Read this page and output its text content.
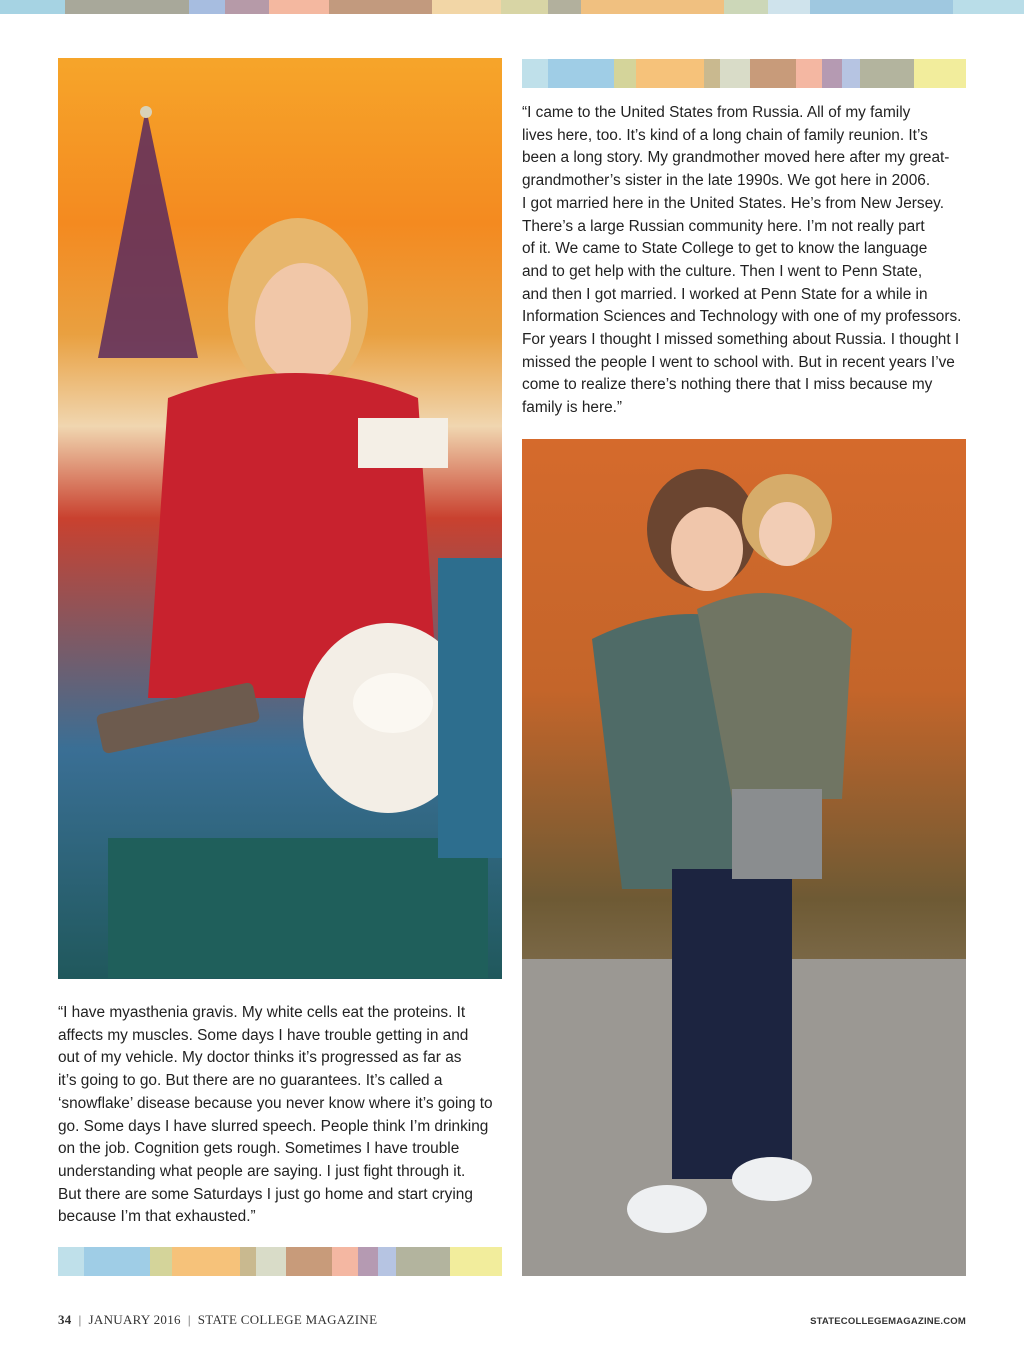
“I came to the United States from Russia. All of my family
lives here, too. It’s kind of a long chain of family reunion. It’s
been a long story. My grandmother moved here after my great-
grandmother’s sister in the late 1990s. We got here in 2006.
I got married here in the United States. He’s from New Jersey.
There’s a large Russian community here. I’m not really part
of it. We came to State College to get to know the language
and to get help with the culture. Then I went to Penn State,
and then I got married. I worked at Penn State for a while in
Information Sciences and Technology with one of my professors.
For years I thought I missed something about Russia. I thought I
missed the people I went to school with. But in recent years I’ve
come to realize there’s nothing there that I miss because my
family is here.”

“I have myasthenia gravis. My white cells eat the proteins. It
affects my muscles. Some days I have trouble getting in and
out of my vehicle. My doctor thinks it’s progressed as far as
it’s going to go. But there are no guarantees. It’s called a
‘snowflake’ disease because you never know where it’s going to
go. Some days I have slurred speech. People think I’m drinking
on the job. Cognition gets rough. Sometimes I have trouble
understanding what people are saying. I just fight through it.
But there are some Saturdays I just go home and start crying
because I’m that exhausted.”

34 | JANUARY 2016 | STATE COLLEGE MAGAZINE	STATECOLLEGEMAGAZINE.COM
